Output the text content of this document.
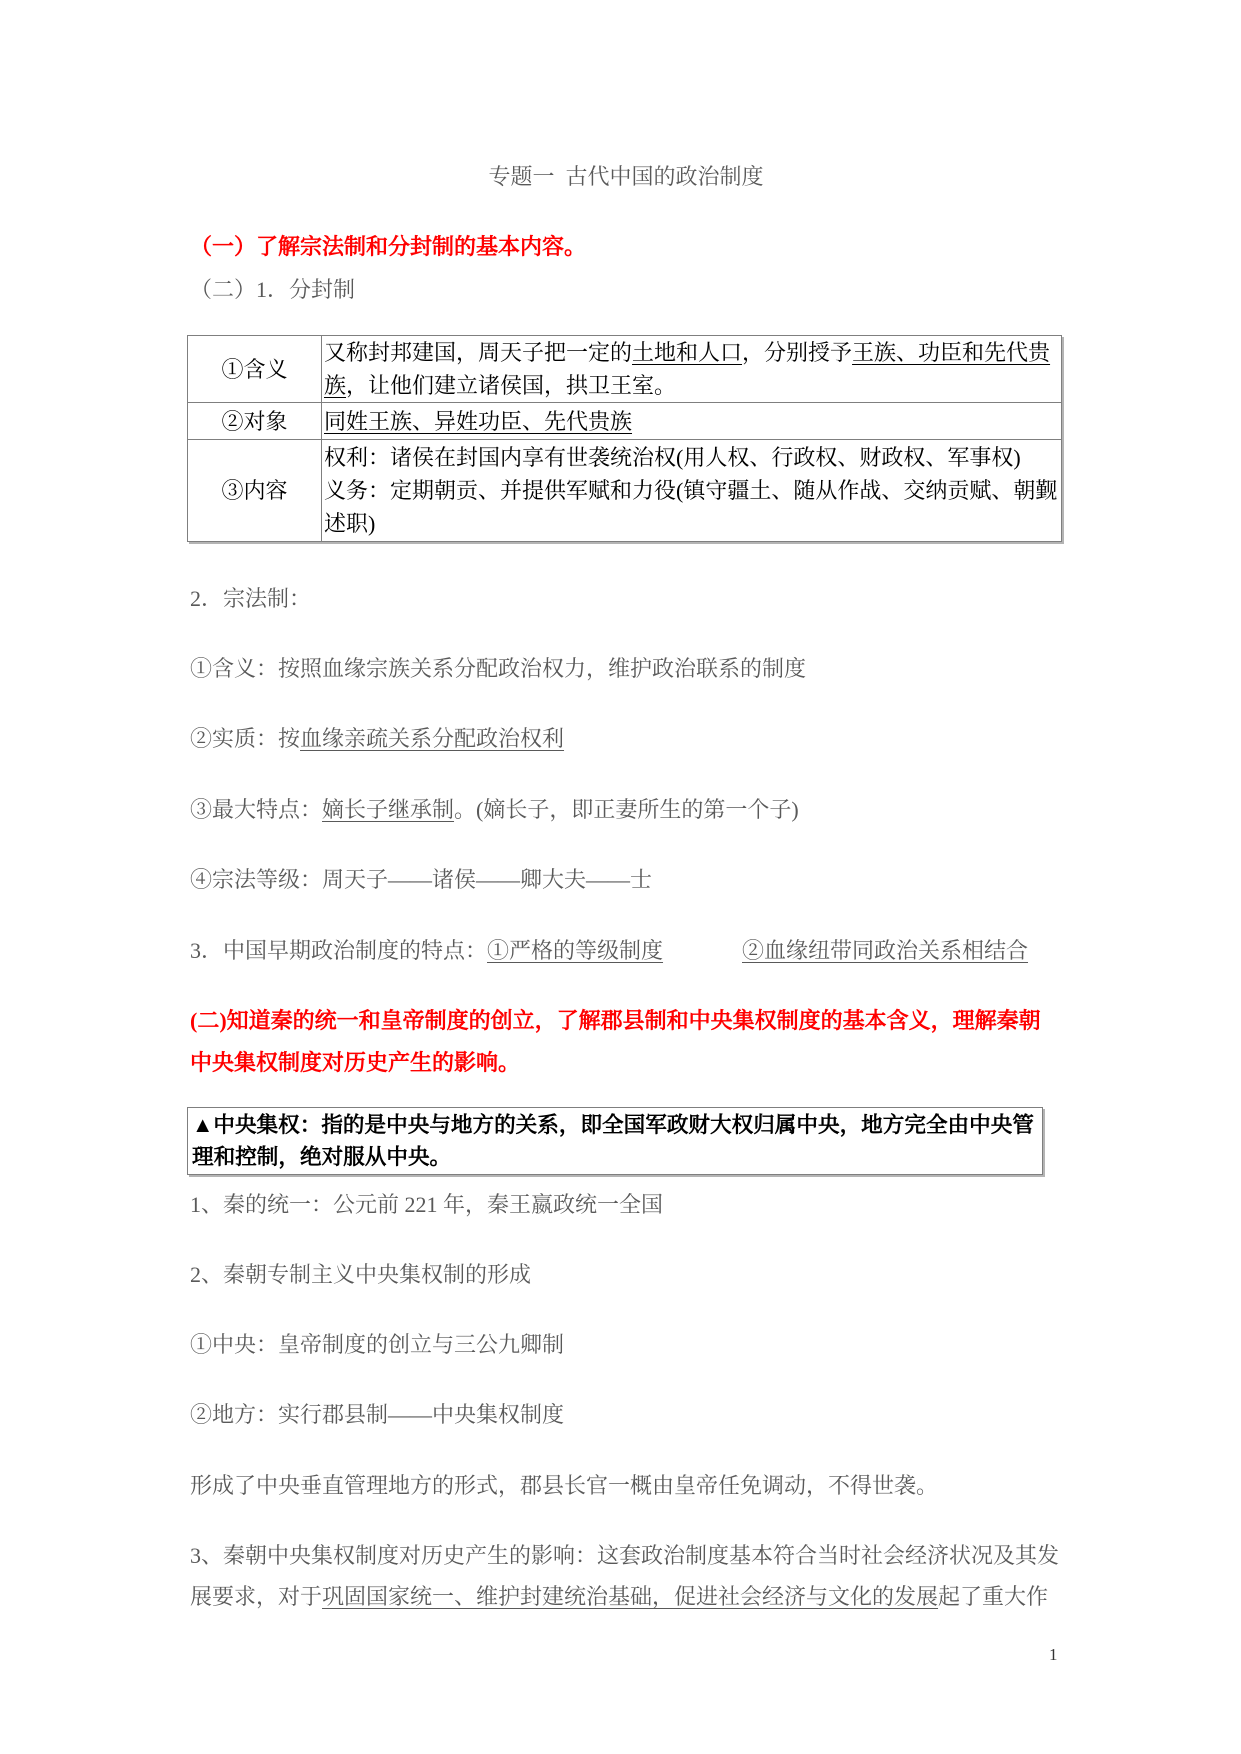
专题一  古代中国的政治制度
（一）了解宗法制和分封制的基本内容。
（二）1．分封制
①含义	又称封邦建国，周天子把一定的土地和人口，分别授予王族、功臣和先代贵
族，让他们建立诸侯国，拱卫王室。

②对象	同姓王族、异姓功臣、先代贵族

③内容	权利：诸侯在封国内享有世袭统治权(用人权、行政权、财政权、军事权)
义务：定期朝贡、并提供军赋和力役(镇守疆土、随从作战、交纳贡赋、朝觐
述职)
2．宗法制：
①含义：按照血缘宗族关系分配政治权力，维护政治联系的制度
②实质：按血缘亲疏关系分配政治权利
③最大特点：嫡长子继承制。(嫡长子，即正妻所生的第一个子)
④宗法等级：周天子——诸侯——卿大夫——士
3．中国早期政治制度的特点：①严格的等级制度	②血缘纽带同政治关系相结合
(二)知道秦的统一和皇帝制度的创立，了解郡县制和中央集权制度的基本含义，理解秦朝
中央集权制度对历史产生的影响。
▲中央集权：指的是中央与地方的关系，即全国军政财大权归属中央，地方完全由中央管
理和控制，绝对服从中央。
1、秦的统一：公元前 221 年，秦王嬴政统一全国
2、秦朝专制主义中央集权制的形成
①中央：皇帝制度的创立与三公九卿制
②地方：实行郡县制——中央集权制度
形成了中央垂直管理地方的形式，郡县长官一概由皇帝任免调动，不得世袭。
3、秦朝中央集权制度对历史产生的影响：这套政治制度基本符合当时社会经济状况及其发
展要求，对于巩固国家统一、维护封建统治基础，促进社会经济与文化的发展起了重大作
1
